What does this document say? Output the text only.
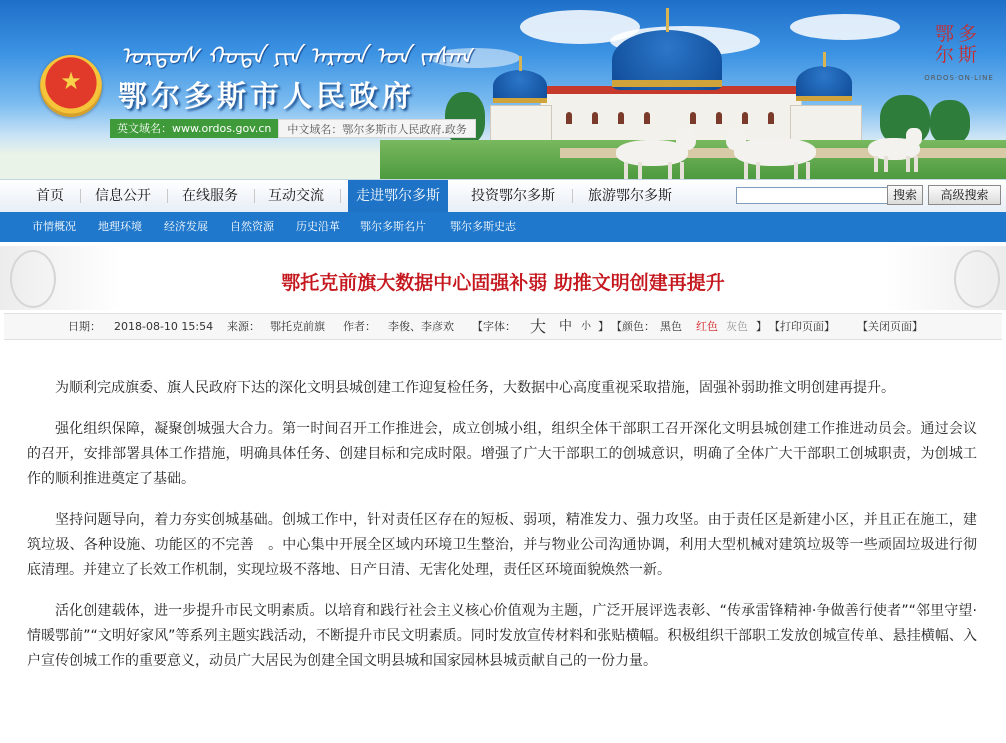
★
ᠣᠷᠳᠣᠰ ᠬᠣᠲᠠ ᠶᠢᠨ ᠠᠷᠠᠳ ᠤᠨ ᠵᠠᠰᠠᠭ
鄂尔多斯市人民政府
英文域名：www.ordos.gov.cn	中文域名：鄂尔多斯市人民政府.政务
鄂多 尔斯
ORDOS·ON·LINE
首页 信息公开 在线服务 互动交流	走进鄂尔多斯	投资鄂尔多斯 旅游鄂尔多斯	搜索	高级搜索
市情概况 地理环境 经济发展 自然资源 历史沿革 鄂尔多斯名片 鄂尔多斯史志
鄂托克前旗大数据中心固强补弱 助推文明创建再提升
日期： 2018-08-10 15:54 来源： 鄂托克前旗 作者： 李俊、李彦欢 【字体： 大 中 小 】 【颜色： 黑色 红色 灰色 】 【打印页面】 【关闭页面】

为顺利完成旗委、旗人民政府下达的深化文明县城创建工作迎复检任务，大数据中心高度重视采取措施，固强补弱助推文明创建再提升。

强化组织保障，凝聚创城强大合力。第一时间召开工作推进会，成立创城小组，组织全体干部职工召开深化文明县城创建工作推进动员会。通过会议的召开，安排部署具体工作措施，明确具体任务、创建目标和完成时限。增强了广大干部职工的创城意识，明确了全体广大干部职工创城职责，为创城工作的顺利推进奠定了基础。

坚持问题导向，着力夯实创城基础。创城工作中，针对责任区存在的短板、弱项，精准发力、强力攻坚。由于责任区是新建小区，并且正在施工，建筑垃圾、各种设施、功能区的不完善　。中心集中开展全区域内环境卫生整治，并与物业公司沟通协调，利用大型机械对建筑垃圾等一些顽固垃圾进行彻底清理。并建立了长效工作机制，实现垃圾不落地、日产日清、无害化处理，责任区环境面貌焕然一新。

活化创建载体，进一步提升市民文明素质。以培育和践行社会主义核心价值观为主题，广泛开展评选表彰、“传承雷锋精神·争做善行使者”“邻里守望·情暖鄂前”“文明好家风”等系列主题实践活动，不断提升市民文明素质。同时发放宣传材料和张贴横幅。积极组织干部职工发放创城宣传单、悬挂横幅、入户宣传创城工作的重要意义，动员广大居民为创建全国文明县城和国家园林县城贡献自己的一份力量。
